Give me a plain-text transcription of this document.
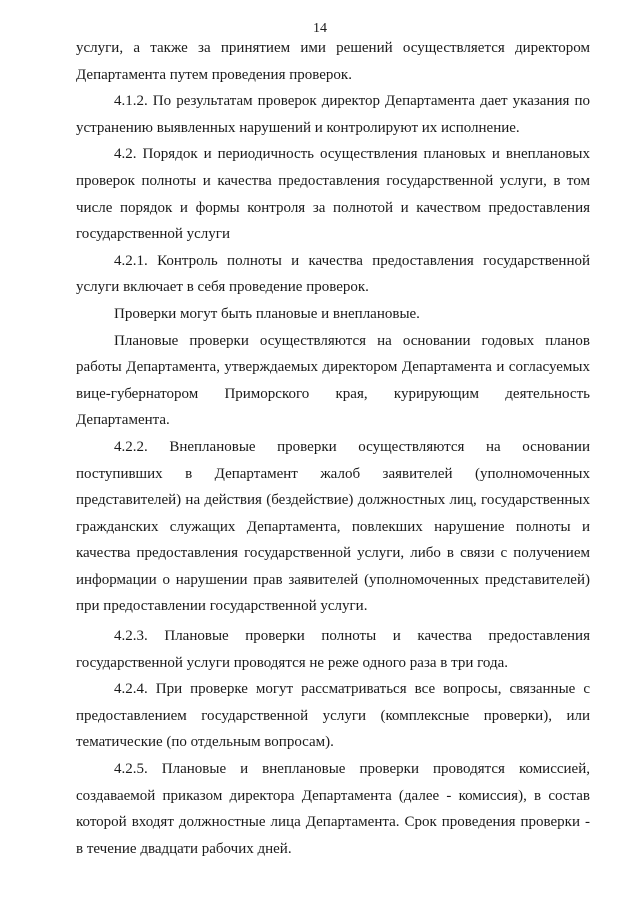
14

услуги, а также за принятием ими решений осуществляется директором Департамента путем проведения проверок.

4.1.2. По результатам проверок директор Департамента дает указания по устранению выявленных нарушений и контролируют их исполнение.

4.2. Порядок и периодичность осуществления плановых и внеплановых проверок полноты и качества предоставления государственной услуги, в том числе порядок и формы контроля за полнотой и качеством предоставления государственной услуги

4.2.1. Контроль полноты и качества предоставления государственной услуги включает в себя проведение проверок.

Проверки могут быть плановые и внеплановые.

Плановые проверки осуществляются на основании годовых планов работы Департамента, утверждаемых директором Департамента и согласуемых вице-губернатором Приморского края, курирующим деятельность Департамента.

4.2.2. Внеплановые проверки осуществляются на основании поступивших в Департамент жалоб заявителей (уполномоченных представителей) на действия (бездействие) должностных лиц, государственных гражданских служащих Департамента, повлекших нарушение полноты и качества предоставления государственной услуги, либо в связи с получением информации о нарушении прав заявителей (уполномоченных представителей) при предоставлении государственной услуги.

4.2.3. Плановые проверки полноты и качества предоставления государственной услуги проводятся не реже одного раза в три года.

4.2.4. При проверке могут рассматриваться все вопросы, связанные с предоставлением государственной услуги (комплексные проверки), или тематические (по отдельным вопросам).

4.2.5. Плановые и внеплановые проверки проводятся комиссией, создаваемой приказом директора Департамента (далее - комиссия), в состав которой входят должностные лица Департамента. Срок проведения проверки - в течение двадцати рабочих дней.
